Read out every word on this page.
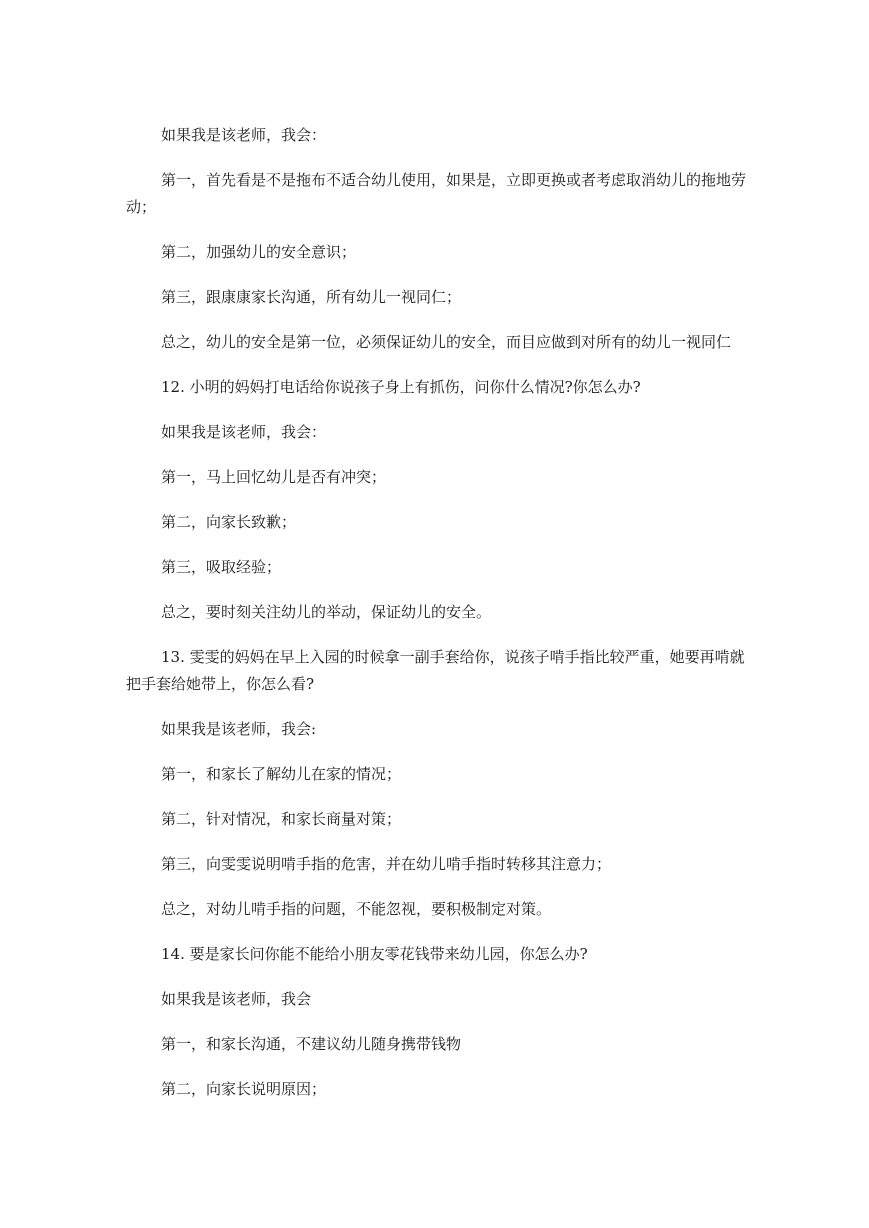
如果我是该老师，我会：

第一，首先看是不是拖布不适合幼儿使用，如果是，立即更换或者考虑取消幼儿的拖地劳动；

第二，加强幼儿的安全意识；

第三，跟康康家长沟通，所有幼儿一视同仁；

总之，幼儿的安全是第一位，必须保证幼儿的安全，而目应做到对所有的幼儿一视同仁

12. 小明的妈妈打电话给你说孩子身上有抓伤，问你什么情况?你怎么办?

如果我是该老师，我会：

第一，马上回忆幼儿是否有冲突；

第二，向家长致歉；

第三，吸取经验；

总之，要时刻关注幼儿的举动，保证幼儿的安全。

13. 雯雯的妈妈在早上入园的时候拿一副手套给你，说孩子啃手指比较严重，她要再啃就把手套给她带上，你怎么看?

如果我是该老师，我会:

第一，和家长了解幼儿在家的情况；

第二，针对情况，和家长商量对策；

第三，向雯雯说明啃手指的危害，并在幼儿啃手指时转移其注意力；

总之，对幼儿啃手指的问题，不能忽视，要积极制定对策。

14. 要是家长问你能不能给小朋友零花钱带来幼儿园，你怎么办?

如果我是该老师，我会

第一，和家长沟通，不建议幼儿随身携带钱物

第二，向家长说明原因；
